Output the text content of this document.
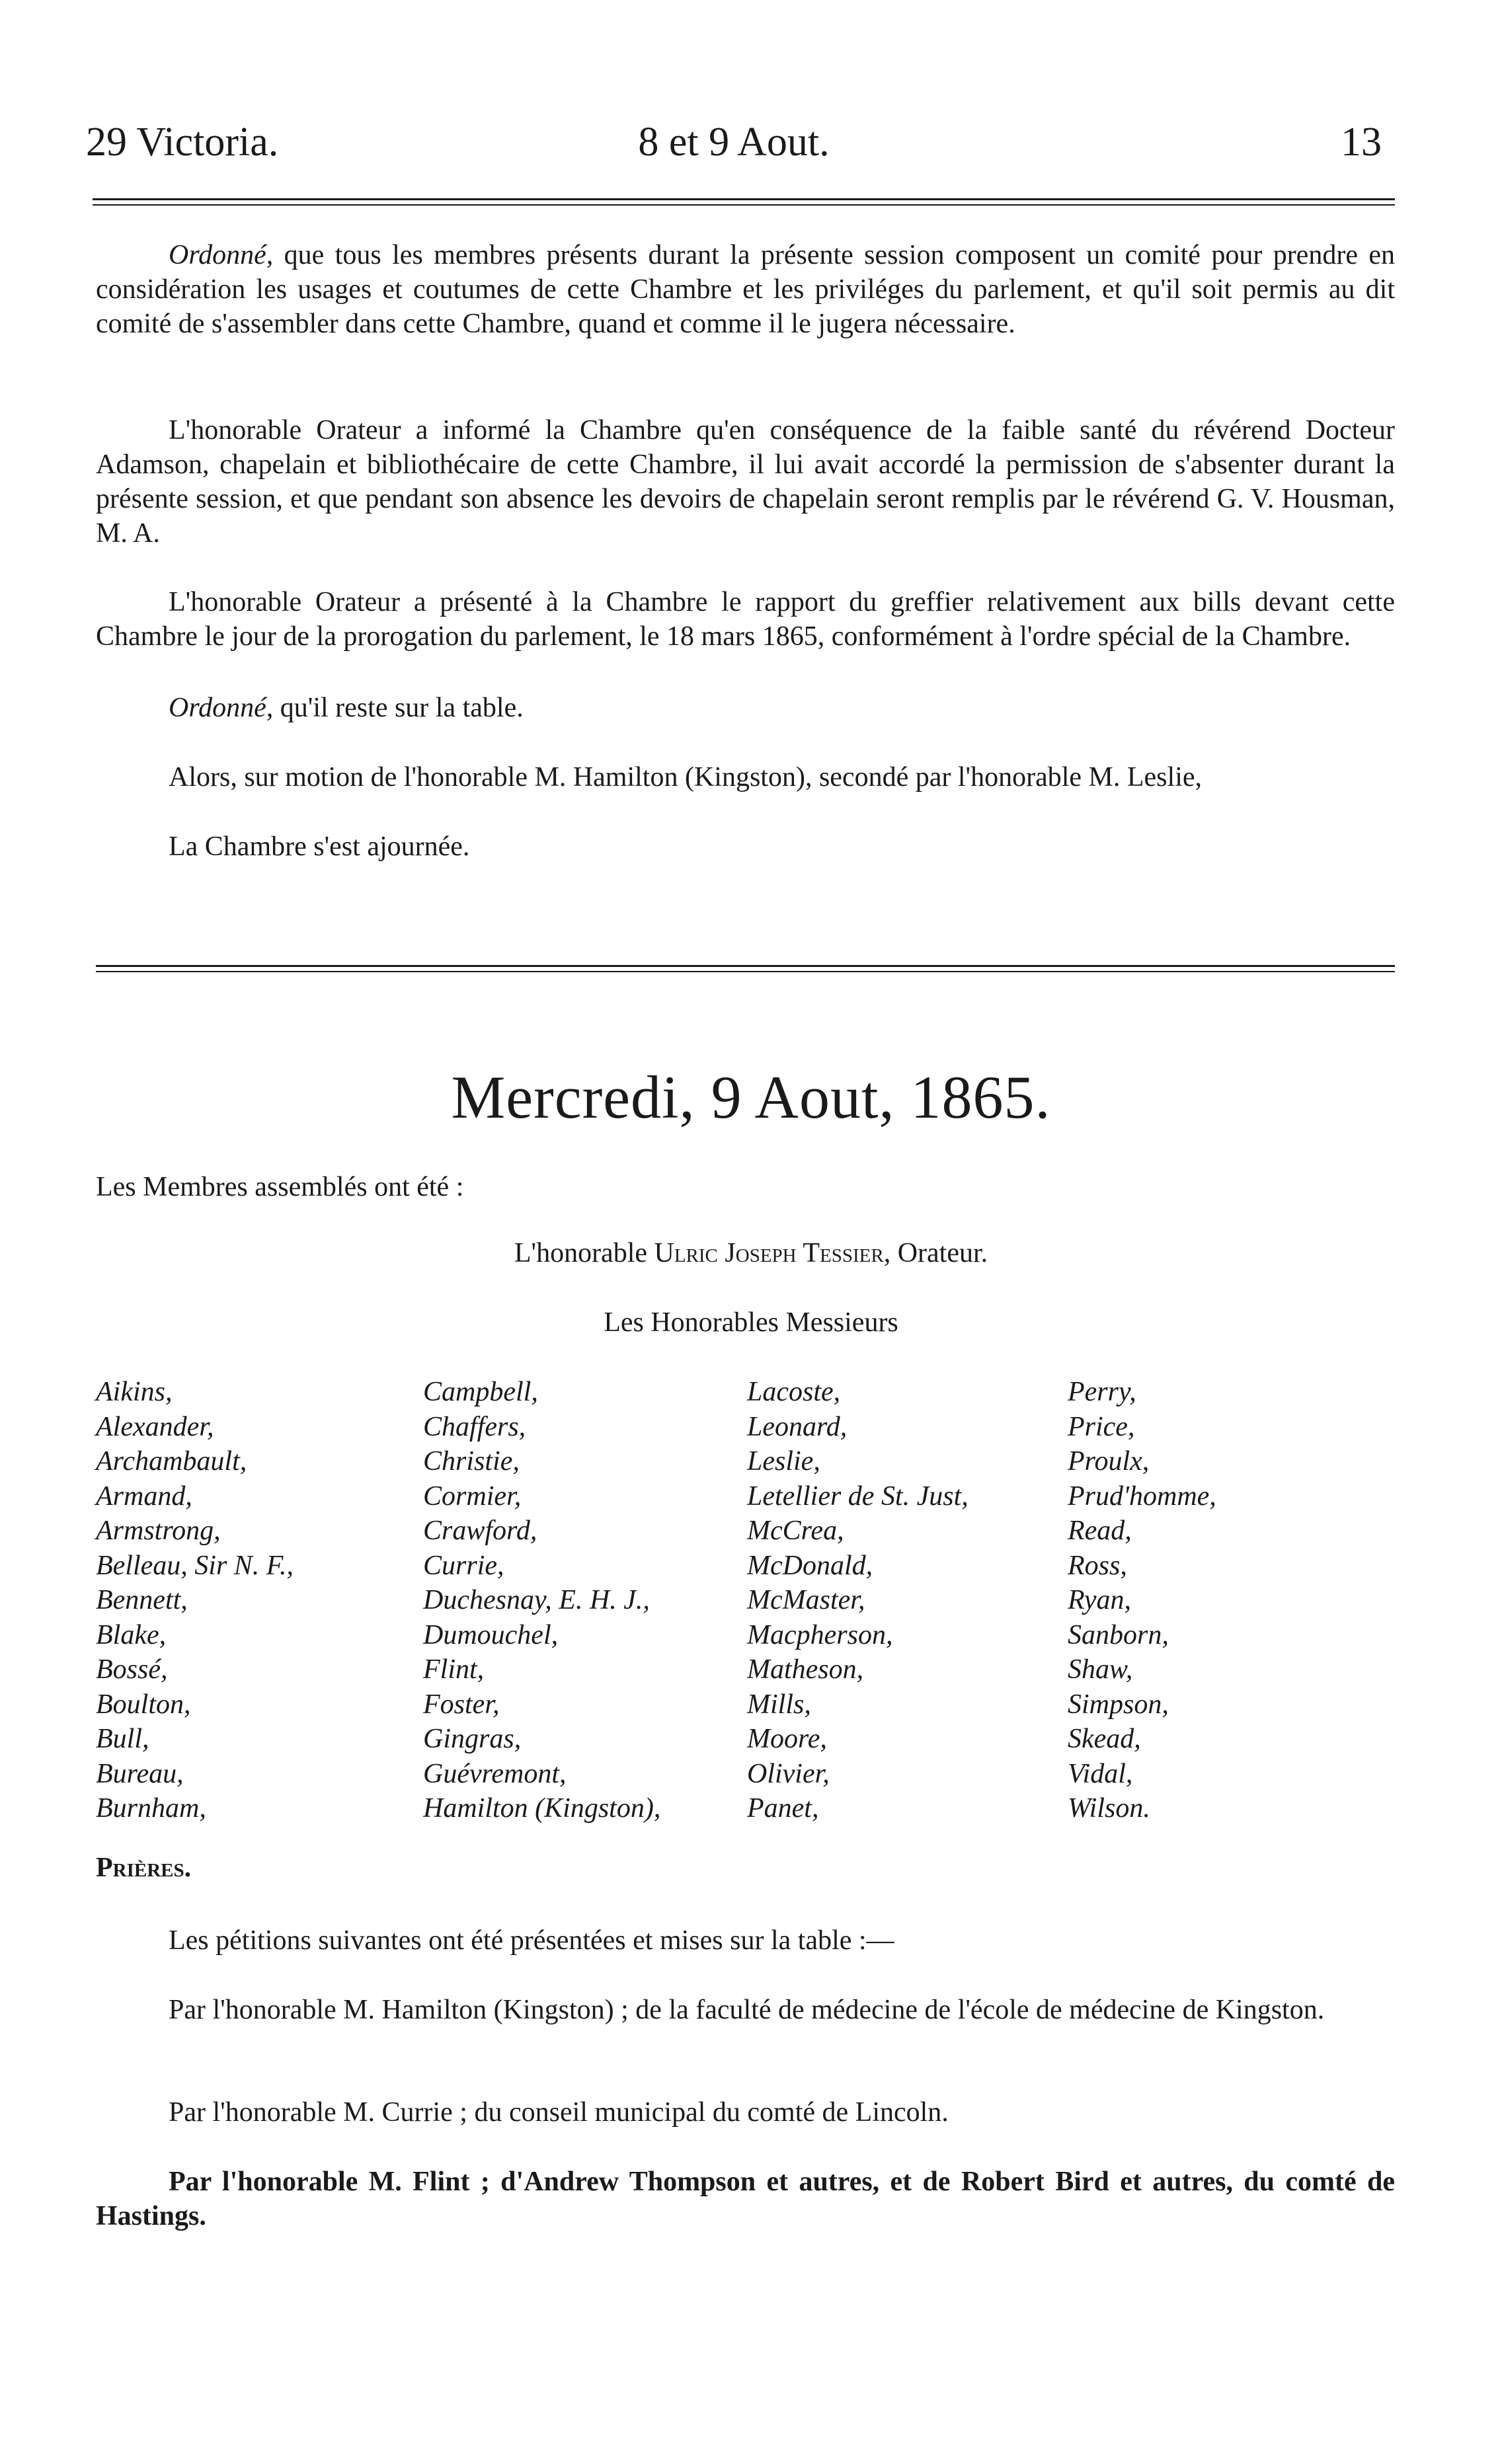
29 Victoria.	8 et 9 Aout.	13
Ordonné, que tous les membres présents durant la présente session composent un comité pour prendre en considération les usages et coutumes de cette Chambre et les priviléges du parlement, et qu'il soit permis au dit comité de s'assembler dans cette Chambre, quand et comme il le jugera nécessaire.
L'honorable Orateur a informé la Chambre qu'en conséquence de la faible santé du révérend Docteur Adamson, chapelain et bibliothécaire de cette Chambre, il lui avait accordé la permission de s'absenter durant la présente session, et que pendant son absence les devoirs de chapelain seront remplis par le révérend G. V. Housman, M. A.
L'honorable Orateur a présenté à la Chambre le rapport du greffier relativement aux bills devant cette Chambre le jour de la prorogation du parlement, le 18 mars 1865, conformément à l'ordre spécial de la Chambre.
Ordonné, qu'il reste sur la table.
Alors, sur motion de l'honorable M. Hamilton (Kingston), secondé par l'honorable M. Leslie,
La Chambre s'est ajournée.
Mercredi, 9 Aout, 1865.
Les Membres assemblés ont été :
L'honorable Ulric Joseph Tessier, Orateur.
Les Honorables Messieurs
Aikins,
Alexander,
Archambault,
Armand,
Armstrong,
Belleau, Sir N. F.,
Bennett,
Blake,
Bossé,
Boulton,
Bull,
Bureau,
Burnham,
Campbell,
Chaffers,
Christie,
Cormier,
Crawford,
Currie,
Duchesnay, E. H. J.,
Dumouchel,
Flint,
Foster,
Gingras,
Guévremont,
Hamilton (Kingston),
Lacoste,
Leonard,
Leslie,
Letellier de St. Just,
McCrea,
McDonald,
McMaster,
Macpherson,
Matheson,
Mills,
Moore,
Olivier,
Panet,
Perry,
Price,
Proulx,
Prud'homme,
Read,
Ross,
Ryan,
Sanborn,
Shaw,
Simpson,
Skead,
Vidal,
Wilson.
Prières.
Les pétitions suivantes ont été présentées et mises sur la table :—
Par l'honorable M. Hamilton (Kingston) ; de la faculté de médecine de l'école de médecine de Kingston.
Par l'honorable M. Currie ; du conseil municipal du comté de Lincoln.
Par l'honorable M. Flint ; d'Andrew Thompson et autres, et de Robert Bird et autres, du comté de Hastings.
